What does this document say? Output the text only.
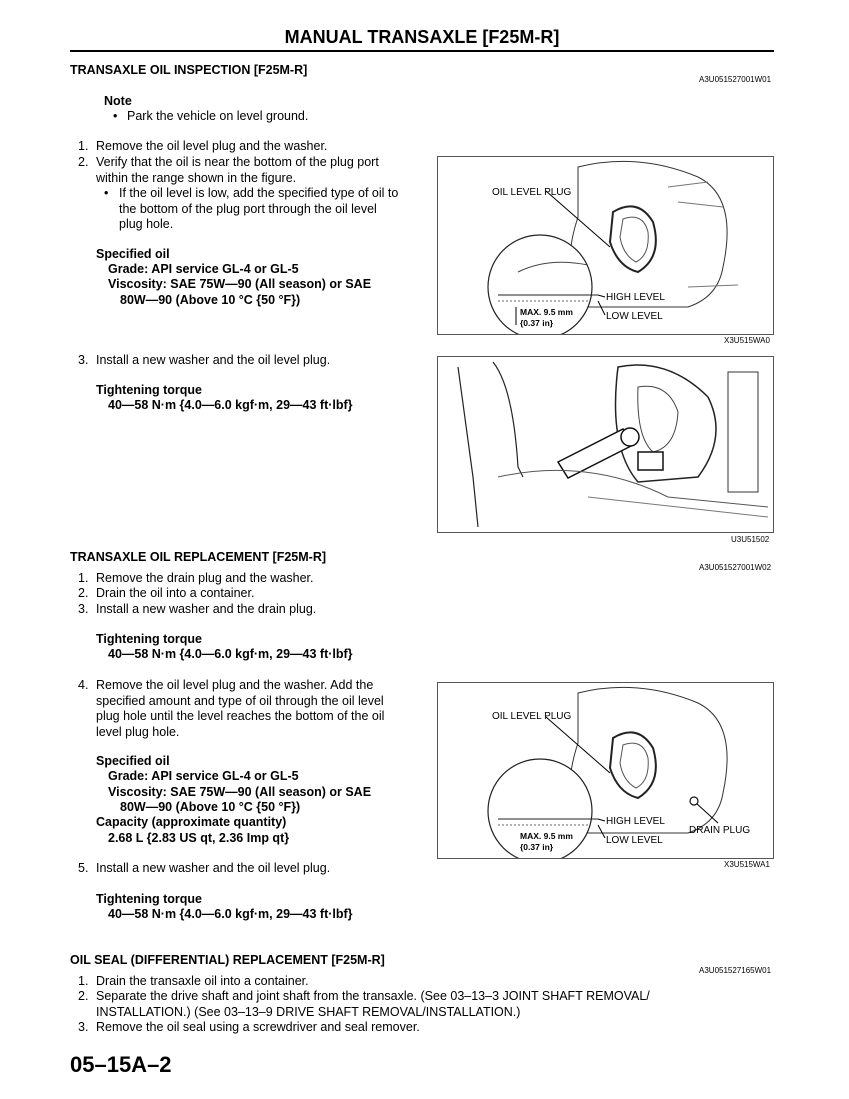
MANUAL TRANSAXLE [F25M-R]
TRANSAXLE OIL INSPECTION [F25M-R]
A3U051527001W01
Note
• Park the vehicle on level ground.
1. Remove the oil level plug and the washer.
2. Verify that the oil is near the bottom of the plug port within the range shown in the figure.
• If the oil level is low, add the specified type of oil to the bottom of the plug port through the oil level plug hole.
Specified oil
Grade: API service GL-4 or GL-5
Viscosity: SAE 75W—90 (All season) or SAE
80W—90 (Above 10 °C {50 °F})
3. Install a new washer and the oil level plug.
Tightening torque
40—58 N·m {4.0—6.0 kgf·m, 29—43 ft·lbf}
OIL LEVEL PLUG
HIGH LEVEL
LOW LEVEL
MAX. 9.5 mm
{0.37 in}
X3U515WA0
U3U51502
TRANSAXLE OIL REPLACEMENT [F25M-R]
A3U051527001W02
1. Remove the drain plug and the washer.
2. Drain the oil into a container.
3. Install a new washer and the drain plug.
Tightening torque
40—58 N·m {4.0—6.0 kgf·m, 29—43 ft·lbf}
4. Remove the oil level plug and the washer. Add the specified amount and type of oil through the oil level plug hole until the level reaches the bottom of the oil level plug hole.
Specified oil
Grade: API service GL-4 or GL-5
Viscosity: SAE 75W—90 (All season) or SAE
80W—90 (Above 10 °C {50 °F})
Capacity (approximate quantity)
2.68 L {2.83 US qt, 2.36 Imp qt}
5. Install a new washer and the oil level plug.
Tightening torque
40—58 N·m {4.0—6.0 kgf·m, 29—43 ft·lbf}
OIL LEVEL PLUG
HIGH LEVEL
LOW LEVEL
DRAIN PLUG
MAX. 9.5 mm
{0.37 in}
X3U515WA1
OIL SEAL (DIFFERENTIAL) REPLACEMENT [F25M-R]
A3U051527165W01
1. Drain the transaxle oil into a container.
2. Separate the drive shaft and joint shaft from the transaxle. (See 03–13–3 JOINT SHAFT REMOVAL/
INSTALLATION.) (See 03–13–9 DRIVE SHAFT REMOVAL/INSTALLATION.)
3. Remove the oil seal using a screwdriver and seal remover.
05–15A–2
